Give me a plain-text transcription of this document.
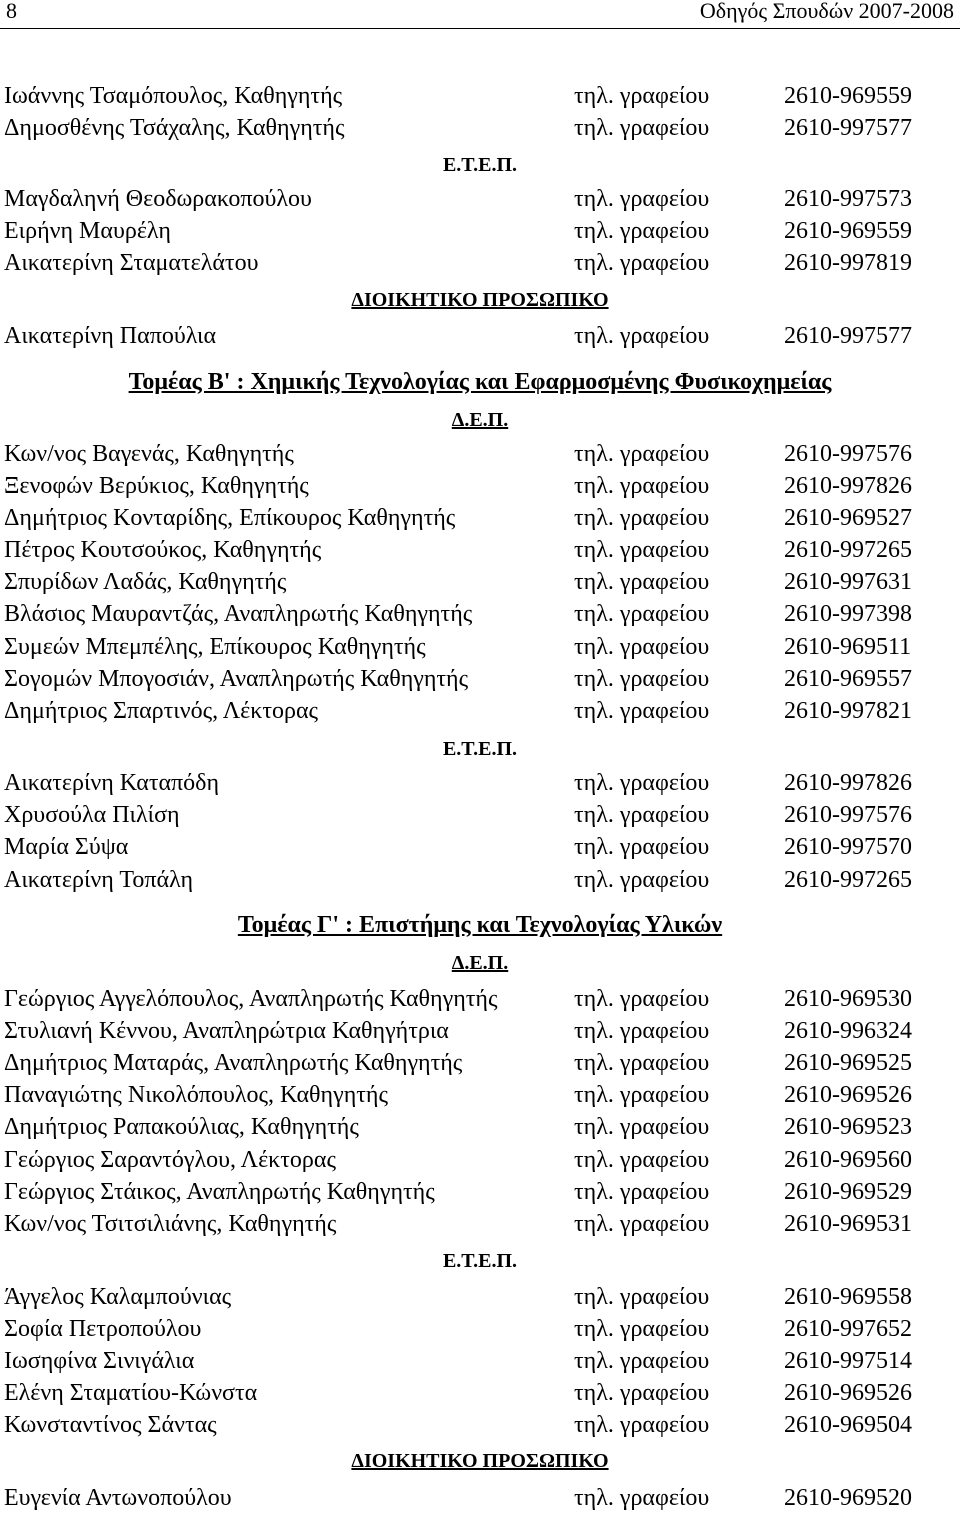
8	Οδηγός Σπουδών 2007-2008
Ιωάννης Τσαμόπουλος, Καθηγητής	τηλ. γραφείου	2610-969559
Δημοσθένης Τσάχαλης, Καθηγητής	τηλ. γραφείου	2610-997577
Ε.Τ.Ε.Π.
Μαγδαληνή Θεοδωρακοπούλου	τηλ. γραφείου	2610-997573
Ειρήνη Μαυρέλη	τηλ. γραφείου	2610-969559
Αικατερίνη Σταματελάτου	τηλ. γραφείου	2610-997819
ΔΙΟΙΚΗΤΙΚΟ ΠΡΟΣΩΠΙΚΟ
Αικατερίνη Παπούλια	τηλ. γραφείου	2610-997577
Τομέας Β' : Χημικής Τεχνολογίας και Εφαρμοσμένης Φυσικοχημείας
Δ.Ε.Π.
Κων/νος Βαγενάς, Καθηγητής	τηλ. γραφείου	2610-997576
Ξενοφών Βερύκιος, Καθηγητής	τηλ. γραφείου	2610-997826
Δημήτριος Κονταρίδης, Επίκουρος Καθηγητής	τηλ. γραφείου	2610-969527
Πέτρος Κουτσούκος, Καθηγητής	τηλ. γραφείου	2610-997265
Σπυρίδων Λαδάς, Καθηγητής	τηλ. γραφείου	2610-997631
Βλάσιος Μαυραντζάς, Αναπληρωτής Καθηγητής	τηλ. γραφείου	2610-997398
Συμεών Μπεμπέλης, Επίκουρος Καθηγητής	τηλ. γραφείου	2610-969511
Σογομών Μπογοσιάν, Αναπληρωτής Καθηγητής	τηλ. γραφείου	2610-969557
Δημήτριος Σπαρτινός, Λέκτορας	τηλ. γραφείου	2610-997821
Ε.Τ.Ε.Π.
Αικατερίνη Καταπόδη	τηλ. γραφείου	2610-997826
Χρυσούλα Πιλίση	τηλ. γραφείου	2610-997576
Μαρία Σύψα	τηλ. γραφείου	2610-997570
Αικατερίνη Τοπάλη	τηλ. γραφείου	2610-997265
Τομέας Γ' : Επιστήμης και Τεχνολογίας Υλικών
Δ.Ε.Π.
Γεώργιος Αγγελόπουλος, Αναπληρωτής Καθηγητής	τηλ. γραφείου	2610-969530
Στυλιανή Κέννου, Αναπληρώτρια Καθηγήτρια	τηλ. γραφείου	2610-996324
Δημήτριος Ματαράς, Αναπληρωτής Καθηγητής	τηλ. γραφείου	2610-969525
Παναγιώτης Νικολόπουλος, Καθηγητής	τηλ. γραφείου	2610-969526
Δημήτριος Ραπακούλιας, Καθηγητής	τηλ. γραφείου	2610-969523
Γεώργιος Σαραντόγλου, Λέκτορας	τηλ. γραφείου	2610-969560
Γεώργιος Στάικος, Αναπληρωτής Καθηγητής	τηλ. γραφείου	2610-969529
Κων/νος Τσιτσιλιάνης, Καθηγητής	τηλ. γραφείου	2610-969531
Ε.Τ.Ε.Π.
Άγγελος Καλαμπούνιας	τηλ. γραφείου	2610-969558
Σοφία Πετροπούλου	τηλ. γραφείου	2610-997652
Ιωσηφίνα Σινιγάλια	τηλ. γραφείου	2610-997514
Ελένη Σταματίου-Κώνστα	τηλ. γραφείου	2610-969526
Κωνσταντίνος Σάντας	τηλ. γραφείου	2610-969504
ΔΙΟΙΚΗΤΙΚΟ ΠΡΟΣΩΠΙΚΟ
Ευγενία Αντωνοπούλου	τηλ. γραφείου	2610-969520
